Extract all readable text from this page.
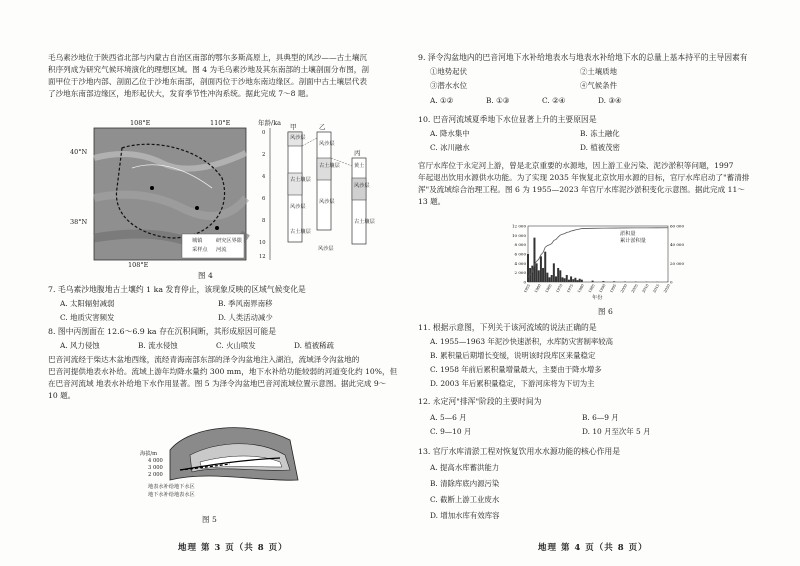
毛乌素沙地位于陕西省北部与内蒙古自治区南部的鄂尔多斯高原上，具典型的风沙——古土壤沉
积序列成为研究气候环境演化的理想区域。图 4 为毛乌素沙地及其东南部的土壤剖面分布图，剖
面甲位于沙地内部、剖面乙位于沙地东南部，剖面丙位于沙地东南边缘区。剖面中古土壤层代表
了沙地东南部边缘区，地形起伏大，发育季节性冲沟系统。据此完成 7～8 题。
108°E	110°E
40°N
38°N
108°E
城镇
采样点
研究区界限
河流
年龄/ka 甲	乙
丙
0
2
4
6
8
10
12
风沙层
古土壤层
风沙层
古土壤层
风沙层
古土壤层
风沙层
黄土
风沙层
古土壤层
风沙层
图 4
7. 毛乌素沙地腹地古土壤约 1 ka 发育停止，该现象反映的区域气候变化是
A. 太阳辐射减弱	B. 季风南界南移
C. 地质灾害频发	D. 人类活动减少
8. 图中丙剖面在 12.6～6.9 ka 存在沉积间断，其形成原因可能是
A. 风力侵蚀	B. 流水侵蚀	C. 火山喷发	D. 植被稀疏
巴音河流经于柴达木盆地西缘，流经青海南部东部的泽令沟盆地注入湖泊，流域泽令沟盆地的
巴音河提供地表水补给。流域上游年均降水量约 300 mm，地下水补给功能较弱的河道变化约 10%，但
在巴音河流域 地表水补给地下水作用显著。图 5 为泽令沟盆地巴音河流域位置示意图。据此完成 9～
10 题。
海拔/m
4 000
3 000
2 000
地表水补给地下水区
地下水补给地表水区
图 5
地理 第 3 页（共 8 页）
9. 泽令沟盆地内的巴音河地下水补给地表水与地表水补给地下水的总量上基本持平的主导因素有
①地势起伏	②土壤质地
③潜水水位	④气候条件
A. ①②	B. ①③	C. ②④	D. ③④
10. 巴音河流域夏季地下水位显著上升的主要原因是
A. 降水集中	B. 冻土融化
C. 冰川融水	D. 植被茂密
官厅水库位于永定河上游，曾是北京重要的水源地，因上游工业污染、泥沙淤积等问题，1997
年起退出饮用水源供水功能。为了实现 2035 年恢复北京饮用水源的目标，官厅水库启动了"蓄清排
浑"及流域综合治理工程。图 6 为 1955—2023 年官厅水库泥沙淤积变化示意图。据此完成 11～
13 题。
1955 1960 1965 1970 1975 1980 1985 1990 1995 2000 2005 2010 2015 2020
0
2 000
4 000
6 000
8 000
10 000
12 000
0
20 000
40 000
60 000
淤积量
累计淤积量
年份
图 6
11. 根据示意图，下列关于该河流域的说法正确的是
A. 1955—1963 年泥沙快速淤积，水库防灾害制率较高
B. 累积量后期增长变缓，说明该时段库区来量稳定
C. 1958 年前后累积量增量最大，主要由于降水增多
D. 2003 年后累积量稳定，下游河床将为下切为主
12. 永定河"排浑"阶段的主要时间为
A. 5—6 月	B. 6—9 月
C. 9—10 月	D. 10 月至次年 5 月
13. 官厅水库清淤工程对恢复饮用水水源功能的核心作用是
A. 提高水库蓄洪能力
B. 清除库底内源污染
C. 截断上游工业废水
D. 增加水库有效库容
地理 第 4 页（共 8 页）
